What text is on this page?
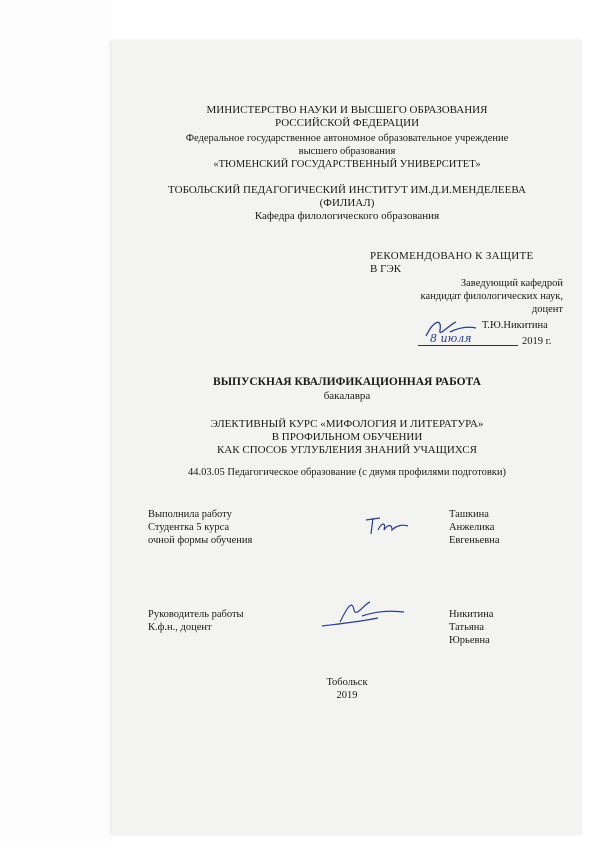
МИНИСТЕРСТВО НАУКИ И ВЫСШЕГО ОБРАЗОВАНИЯ
РОССИЙСКОЙ ФЕДЕРАЦИИ
Федеральное государственное автономное образовательное учреждение
высшего образования
«ТЮМЕНСКИЙ ГОСУДАРСТВЕННЫЙ УНИВЕРСИТЕТ»
ТОБОЛЬСКИЙ ПЕДАГОГИЧЕСКИЙ ИНСТИТУТ ИМ.Д.И.МЕНДЕЛЕЕВА
(ФИЛИАЛ)
Кафедра филологического образования
РЕКОМЕНДОВАНО К ЗАЩИТЕ
В ГЭК
Заведующий кафедрой
кандидат филологических наук,
доцент
Т.Ю.Никитина
8 июля	2019 г.
ВЫПУСКНАЯ КВАЛИФИКАЦИОННАЯ РАБОТА
бакалавра
ЭЛЕКТИВНЫЙ КУРС «МИФОЛОГИЯ И ЛИТЕРАТУРА»
В ПРОФИЛЬНОМ ОБУЧЕНИИ
КАК СПОСОБ УГЛУБЛЕНИЯ ЗНАНИЙ УЧАЩИХСЯ
44.03.05 Педагогическое образование (с двумя профилями подготовки)
Выполнила работу
Студентка 5 курса
очной формы обучения
Ташкина
Анжелика
Евгеньевна
Руководитель работы
К.ф.н., доцент
Никитина
Татьяна
Юрьевна
Тобольск
2019
